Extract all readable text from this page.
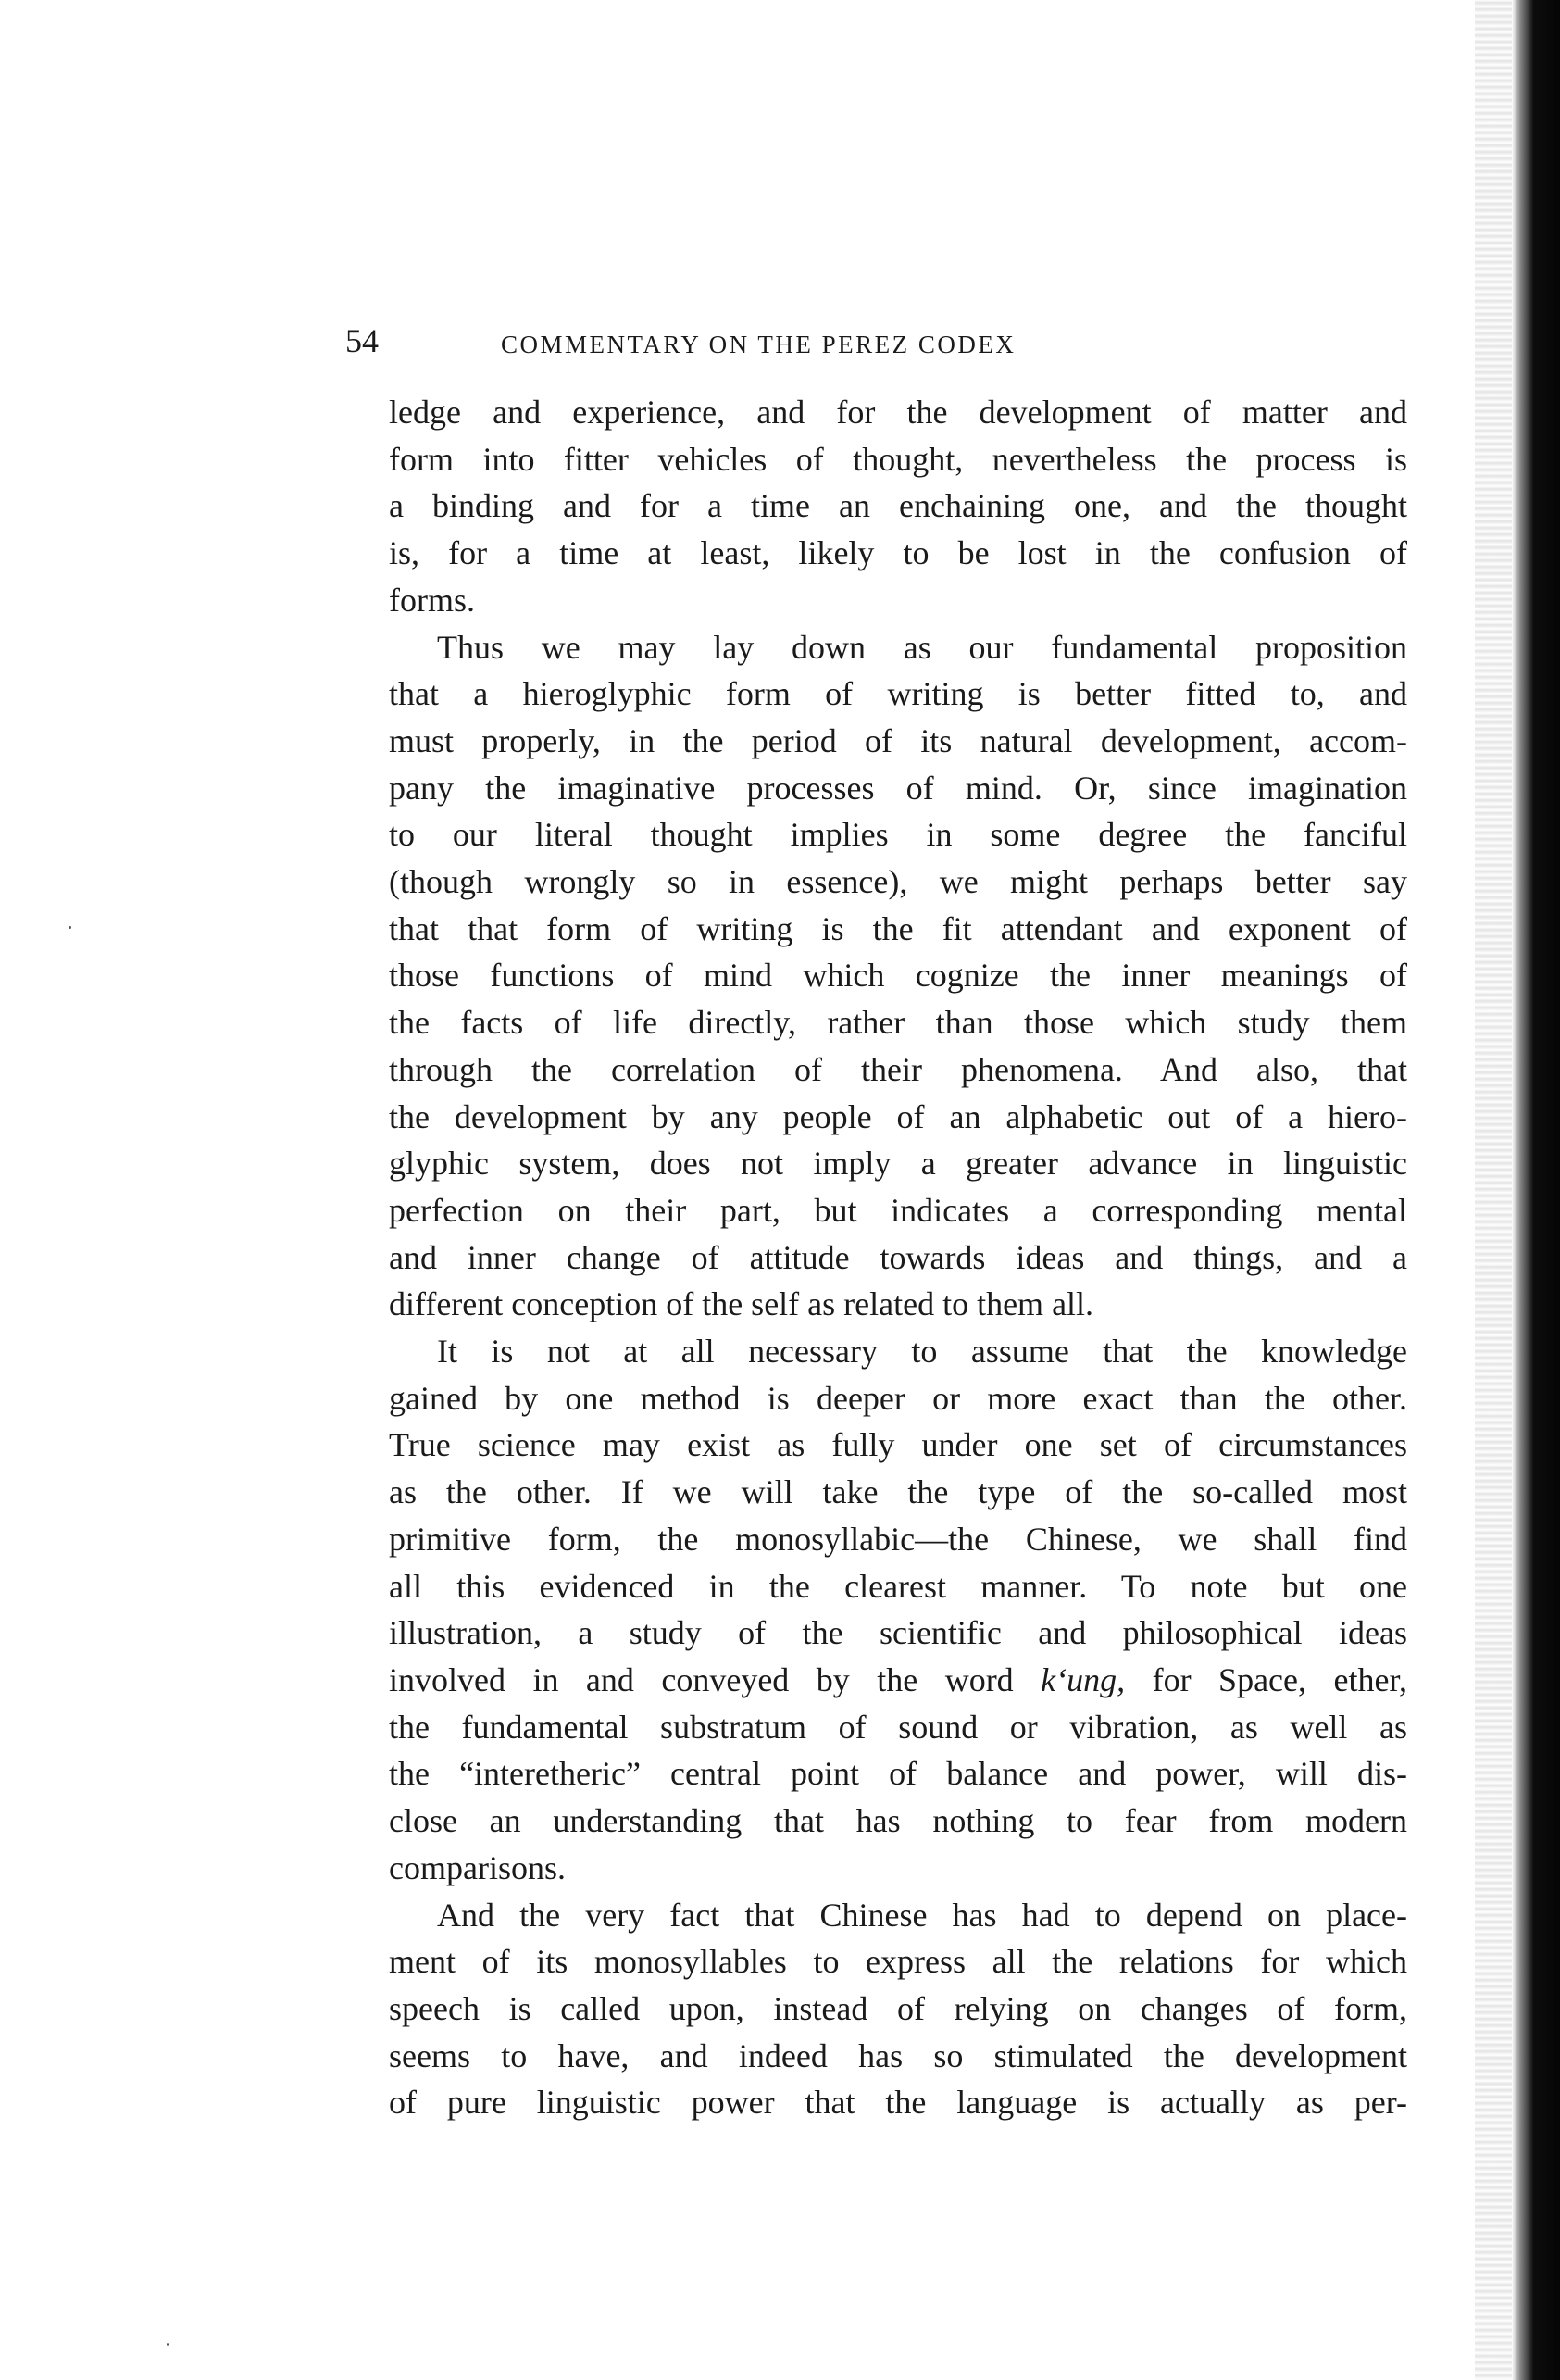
54	COMMENTARY ON THE PEREZ CODEX
ledge and experience, and for the development of matter and
form into fitter vehicles of thought, nevertheless the process is
a binding and for a time an enchaining one, and the thought
is, for a time at least, likely to be lost in the confusion of
forms.
Thus we may lay down as our fundamental proposition
that a hieroglyphic form of writing is better fitted to, and
must properly, in the period of its natural development, accom-
pany the imaginative processes of mind. Or, since imagination
to our literal thought implies in some degree the fanciful
(though wrongly so in essence), we might perhaps better say
that that form of writing is the fit attendant and exponent of
those functions of mind which cognize the inner meanings of
the facts of life directly, rather than those which study them
through the correlation of their phenomena. And also, that
the development by any people of an alphabetic out of a hiero-
glyphic system, does not imply a greater advance in linguistic
perfection on their part, but indicates a corresponding mental
and inner change of attitude towards ideas and things, and a
different conception of the self as related to them all.
It is not at all necessary to assume that the knowledge
gained by one method is deeper or more exact than the other.
True science may exist as fully under one set of circumstances
as the other. If we will take the type of the so-called most
primitive form, the monosyllabic—the Chinese, we shall find
all this evidenced in the clearest manner. To note but one
illustration, a study of the scientific and philosophical ideas
involved in and conveyed by the word k‘ung, for Space, ether,
the fundamental substratum of sound or vibration, as well as
the “interetheric” central point of balance and power, will dis-
close an understanding that has nothing to fear from modern
comparisons.
And the very fact that Chinese has had to depend on place-
ment of its monosyllables to express all the relations for which
speech is called upon, instead of relying on changes of form,
seems to have, and indeed has so stimulated the development
of pure linguistic power that the language is actually as per-
